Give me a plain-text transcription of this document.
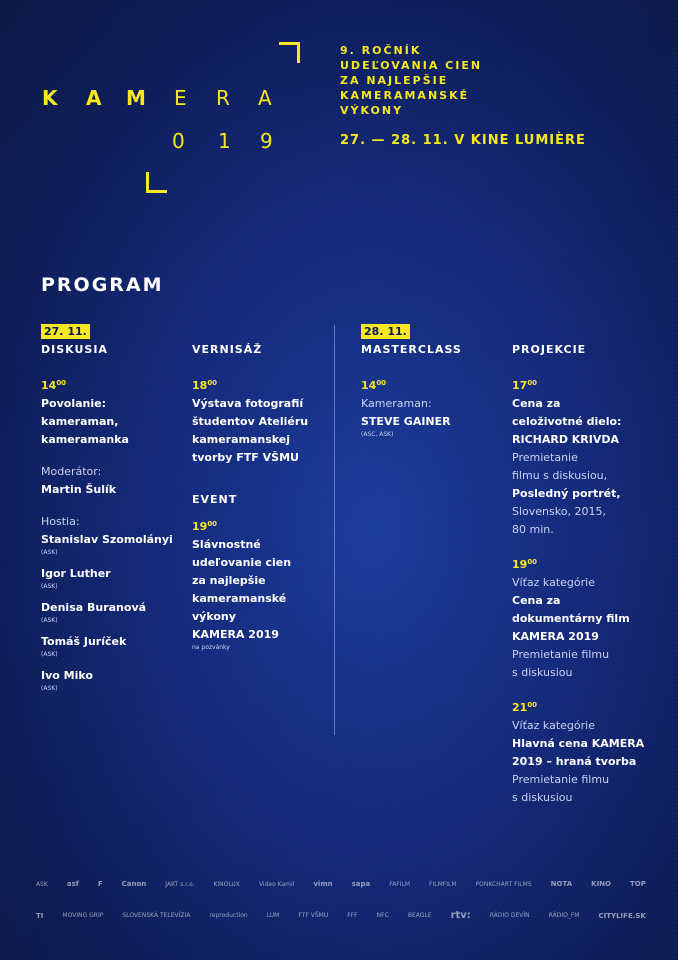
K A M E R A
0 1 9
9. ROČNÍK
UDEĽOVANIA CIEN
ZA NAJLEPŠIE
KAMERAMANSKÉ
VÝKONY
27. — 28. 11. V KINE LUMIÈRE
PROGRAM
27. 11.	28. 11.
DISKUSIA	VERNISÁŽ	MASTERCLASS	PROJEKCIE
$14^{00}$
Povolanie:
kameraman,
kameramanka
Moderátor:
Martin Šulík
Hostia:
Stanislav Szomolányi
(ASK)
Igor Luther
(ASK)
Denisa Buranová
(ASK)
Tomáš Juríček
(ASK)
Ivo Miko
(ASK)
$18^{00}$
Výstava fotografií
študentov Ateliéru
kameramanskej
tvorby FTF VŠMU
EVENT
$19^{00}$
Slávnostné
udeľovanie cien
za najlepšie
kameramanské
výkony
KAMERA 2019
na pozvánky
$14^{00}$
Kameraman:
STEVE GAINER
(ASC, ASK)
$17^{00}$
Cena za
celoživotné dielo:
RICHARD KRIVDA
Premietanie
filmu s diskusiou,
Posledný portrét,
Slovensko, 2015,
80 min.
$19^{00}$
Víťaz kategórie
Cena za
dokumentárny film
KAMERA 2019
Premietanie filmu
s diskusiou
$21^{00}$
Víťaz kategórie
Hlavná cena KAMERA
2019 – hraná tvorba
Premietanie filmu
s diskusiou
ASK	asf	F	Canon	JAKT s.r.o.	KINOLUX	Video Kamil	vimn	sapa	FAFILM	FILMFILM	PONKCHART FILMS	NOTA	KINO	TOP
TI	MOVING GRIP	SLOVENSKÁ TELEVÍZIA	reproduction	LUM	FTF VŠMU	FFF	NFC	BEAGLE rtv:	RÁDIO DEVÍN	RÁDIO_FM	CITYLIFE.SK
